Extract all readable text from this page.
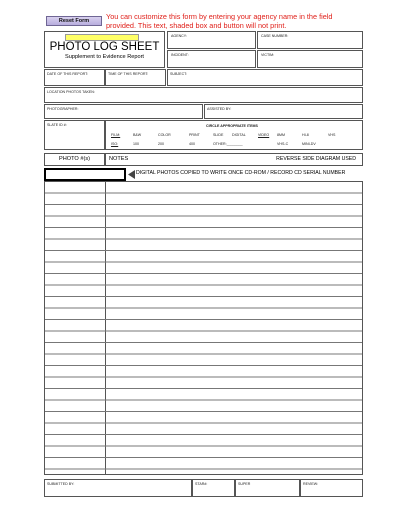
Reset Form	You can customize this form by entering your agency name in the field
provided. This text, shaded box and button will not print.
PHOTO LOG SHEET
Supplement to Evidence Report
AGENCY:	CASE NUMBER:
INCIDENT:	VICTIM:
DATE OF THIS REPORT:	TIME OF THIS REPORT:	SUBJECT:
LOCATION PHOTOS TAKEN:
PHOTOGRAPHER:	ASSISTED BY:
SLATE ID #:	CIRCLE APPROPRIATE ITEMS
FILM:	B&W	COLOR	PRINT	SLIDE DIGITAL	VIDEO 8MM	HI-8	VHS
ISO:	100	200	400	OTHER:________	VHS-C	MINI-DV
PHOTO #(s)	NOTES	REVERSE SIDE DIAGRAM USED
DIGITAL PHOTOS COPIED TO WRITE ONCE CD-ROM / RECORD CD SERIAL NUMBER
SUBMITTED BY:	STAR#:	SUPER	REVIEW:
